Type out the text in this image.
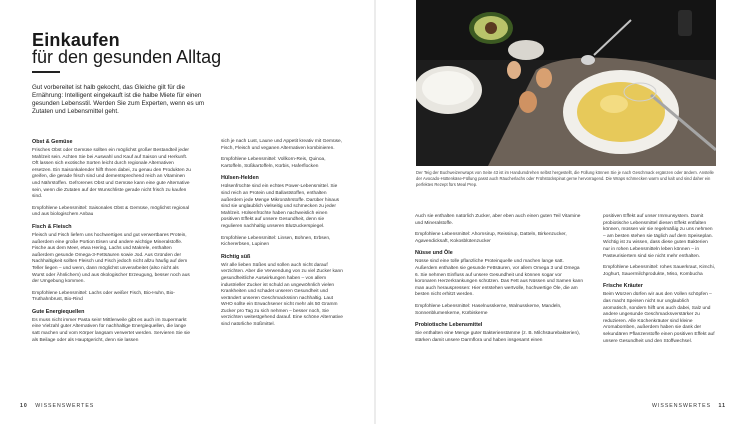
Einkaufen
für den gesunden Alltag
Gut vorbereitet ist halb gekocht, das Gleiche gilt für die Ernährung: Intelligent eingekauft ist die halbe Miete für einen gesunden Lebensstil. Werden Sie zum Experten, wenn es um Zutaten und Lebensmittel geht.
Obst & Gemüse

Frisches Obst oder Gemüse sollten ein möglichst großer Bestandteil jeder Mahlzeit sein. Achten Sie bei Auswahl und Kauf auf Saison und Herkunft. Oft lassen sich exotische Sorten leicht durch regionale Alternativen ersetzen. Ein Saisonkalender hilft Ihnen dabei, zu genau den Produkten zu greifen, die gerade frisch sind und dementsprechend reich an Vitaminen und Nährstoffen. Gefrorenes Obst und Gemüse kann eine gute Alternative sein, wenn die Zutaten auf der Wunschliste gerade nicht frisch zu kaufen sind.

Empfohlene Lebensmittel: Saisonales Obst & Gemüse, möglichst regional und aus biologischem Anbau

Fisch & Fleisch

Fleisch und Fisch liefern uns hochwertiges und gut verwertbares Protein, außerdem eine große Portion Eisen und andere wichtige Mineralstoffe. Fische aus dem Meer, etwa Hering, Lachs und Makrele, enthalten außerdem gesunde Omega-3-Fettsäuren sowie Jod. Aus Gründen der Nachhaltigkeit sollten Fleisch und Fisch jedoch nicht allzu häufig auf dem Teller liegen – und wenn, dann möglichst unverarbeitet (also nicht als Wurst oder Ähnlichem) und aus ökologischer Erzeugung, besser noch aus der Umgebung kommen.

Empfohlene Lebensmittel: Lachs oder weißer Fisch, Bio-Huhn, Bio-Truthahnbrust, Bio-Rind

Gute Energiequellen

Es muss nicht immer Pasta sein! Mittlerweile gibt es auch im Supermarkt eine Vielzahl guter Alternativen für nachhaltige Energiequellen, die lange satt machen und vom Körper langsam verwertet werden. Servieren Sie sie als Beilage oder als Hauptgericht, denn sie lassen

sich je nach Lust, Laune und Appetit kreativ mit Gemüse, Fisch, Fleisch und veganen Alternativen kombinieren.

Empfohlene Lebensmittel: Vollkorn-Reis, Quinoa, Kartoffeln, Süßkartoffeln, Kürbis, Haferflocken

Hülsen-Helden

Hülsenfrüchte sind ein echtes Power-Lebensmittel. Sie sind reich an Protein und Ballaststoffen, enthalten außerdem jede Menge Mikronährstoffe. Darüber hinaus sind sie unglaublich vielseitig und schmecken zu jeder Mahlzeit. Hülsenfrüchte haben nachweislich einen positiven Effekt auf unsere Gesundheit, denn sie regulieren nachhaltig unseren Blutzuckerspiegel.

Empfohlene Lebensmittel: Linsen, Bohnen, Erbsen, Kichererbsen, Lupinen

Richtig süß

Wir alle lieben Süßes und sollen auch nicht darauf verzichten. Aber die Verwendung von zu viel Zucker kann gesundheitliche Auswirkungen haben – von allem industrieller Zucker ist schuld an ungewöhnlich vielen Krankheiten und schadet unseren Gesundheit und verändert unseren Geschmackssinn nachhaltig. Laut WHO sollte ein Erwachsener nicht mehr als 50 Gramm Zucker pro Tag zu sich nehmen – besser noch, Sie verzichten weitestgehend darauf. Eine schöne Alternative sind natürliche Süßmittel.

10 WISSENSWERTES
Der Teig der Buchweizenwraps von Seite 43 ist im Handumdrehen selbst hergestellt, die Füllung können Sie je nach Geschmack ergänzen oder ändern. Anstelle der Avocado-Hüttenkäse-Füllung passt auch Räucherlachs oder Frühstückspinat gerne hervorragend. Die Wraps schmecken warm und kalt und sind daher ein perfektes Rezept fürs Meal Prep.

Auch sie enthalten natürlich Zucker, aber eben auch einen guten Teil Vitamine und Mineralstoffe.

Empfohlene Lebensmittel: Ahornsirup, Reissirup, Datteln, Birkenzucker, Agavendicksaft, Kokosblütenzucker

Nüsse und Öle

Nüsse sind eine tolle pflanzliche Proteinquelle und machen lange satt. Außerdem enthalten sie gesunde Fettsäuren, vor allem Omega 3 und Omega 6. Sie nehmen Einfluss auf unsere Gesundheit und können sogar vor koronaren Herzerkrankungen schützen. Das Fett aus Nüssen und Samen kann man auch herauspressen: Hier entstehen wertvolle, hochwertige Öle, die am besten nicht erhitzt werden.

Empfohlene Lebensmittel: Haselnusskerne, Walnusskerne, Mandeln, Sonnenblumenkerne, Kürbiskerne

Probiotische Lebensmittel

Sie enthalten eine Menge guter Bakterienstämme (z. B. Milchsäurebakterien), stärken damit unsere Darmflora und haben insgesamt einen

positiven Effekt auf unser Immunsystem. Damit probiotische Lebensmittel diesen Effekt entfalten können, müssen wir sie regelmäßig zu uns nehmen – am besten stehen sie täglich auf dem Speiseplan. Wichtig ist zu wissen, dass diese guten Bakterien nur in rohen Lebensmitteln leben können – in Pasteurisiertem sind sie nicht mehr enthalten.

Empfohlene Lebensmittel: rohes Sauerkraut, Kimchi, Joghurt, Sauermilchprodukte, Miso, Kombucha

Frische Kräuter

Beim Würzen dürfen wir aus den Vollen schöpfen – das macht Speisen nicht nur unglaublich aromatisch, sondern hilft uns auch dabei, Salz und andere ungesunde Geschmacksverstärker zu reduzieren. Alle Küchenkräuter sind kleine Aromabomben, außerdem haben sie dank der sekundären Pflanzenstoffe einen positiven Effekt auf unsere Gesundheit und den Stoffwechsel.

WISSENSWERTES 11
